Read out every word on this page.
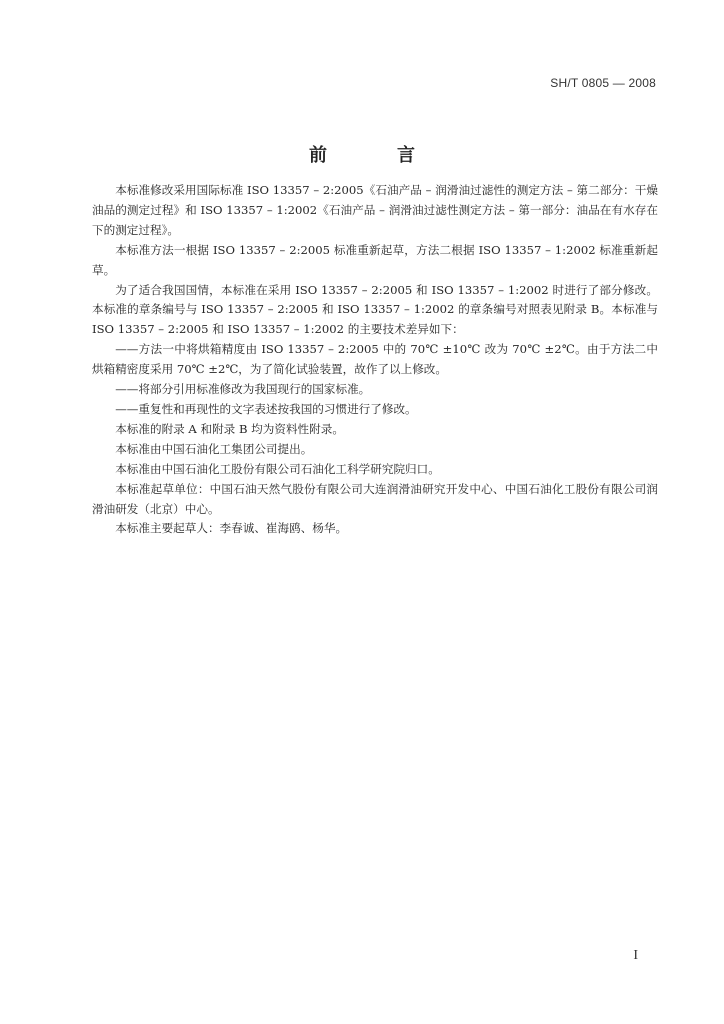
SH/T 0805 — 2008
前　言

本标准修改采用国际标准 ISO 13357 – 2:2005《石油产品 – 润滑油过滤性的测定方法 – 第二部分：干燥油品的测定过程》和 ISO 13357 – 1:2002《石油产品 – 润滑油过滤性测定方法 – 第一部分：油品在有水存在下的测定过程》。

本标准方法一根据 ISO 13357 – 2:2005 标准重新起草，方法二根据 ISO 13357 – 1:2002 标准重新起草。

为了适合我国国情，本标准在采用 ISO 13357 – 2:2005 和 ISO 13357 – 1:2002 时进行了部分修改。本标准的章条编号与 ISO 13357 – 2:2005 和 ISO 13357 – 1:2002 的章条编号对照表见附录 B。本标准与 ISO 13357 – 2:2005 和 ISO 13357 – 1:2002 的主要技术差异如下：

——方法一中将烘箱精度由 ISO 13357 – 2:2005 中的 70℃ ±10℃ 改为 70℃ ±2℃。由于方法二中烘箱精密度采用 70℃ ±2℃，为了简化试验装置，故作了以上修改。

——将部分引用标准修改为我国现行的国家标准。

——重复性和再现性的文字表述按我国的习惯进行了修改。

本标准的附录 A 和附录 B 均为资料性附录。

本标准由中国石油化工集团公司提出。

本标准由中国石油化工股份有限公司石油化工科学研究院归口。

本标准起草单位：中国石油天然气股份有限公司大连润滑油研究开发中心、中国石油化工股份有限公司润滑油研发（北京）中心。

本标准主要起草人：李春诚、崔海鸥、杨华。

I
